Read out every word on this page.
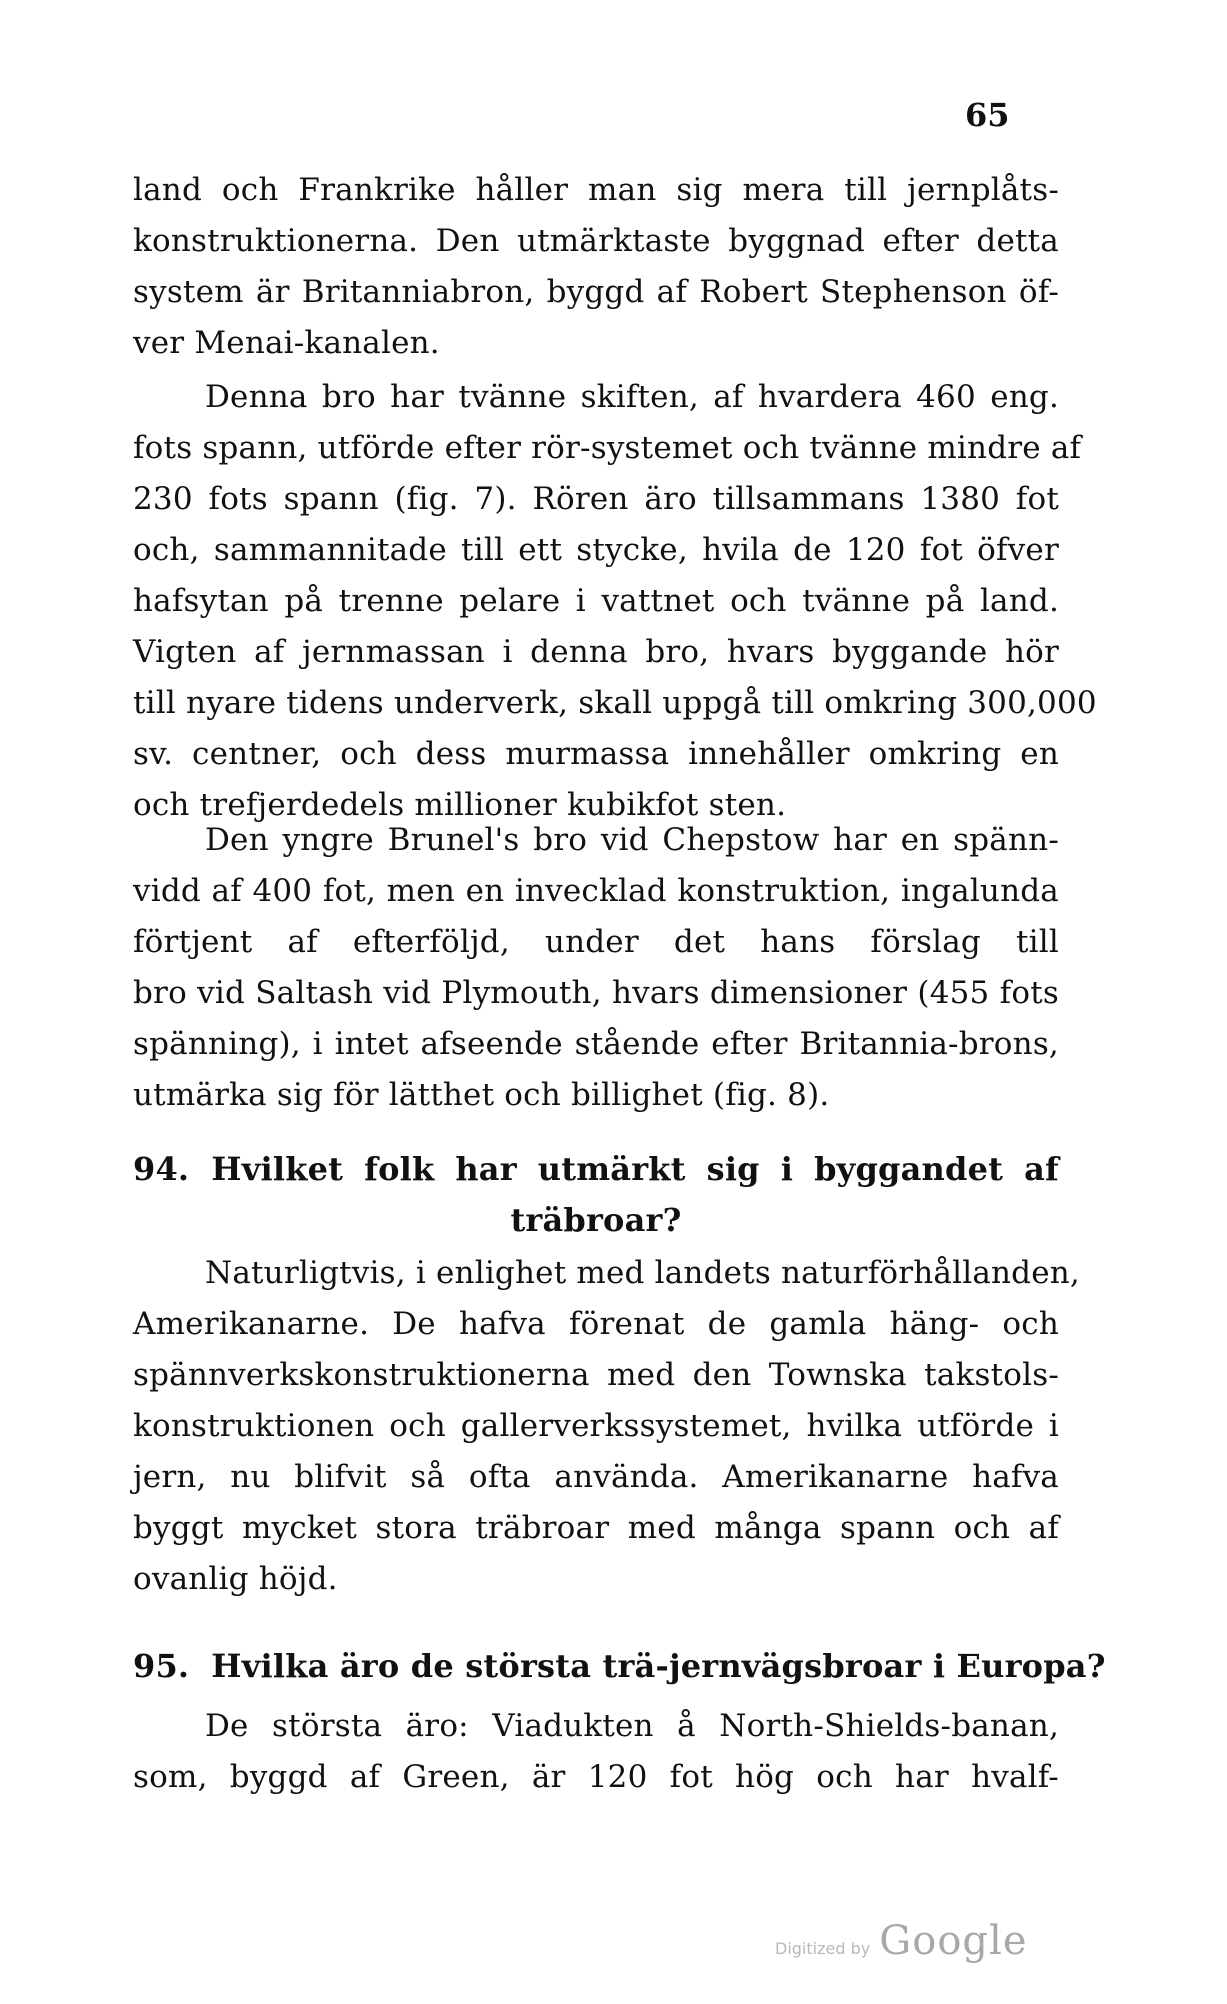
65
land och Frankrike håller man sig mera till jernplåts-
konstruktionerna. Den utmärktaste byggnad efter detta
system är Britanniabron, byggd af Robert Stephenson öf-
ver Menai-kanalen.
Denna bro har tvänne skiften, af hvardera 460 eng.
fots spann, utförde efter rör-systemet och tvänne mindre af
230 fots spann (fig. 7). Rören äro tillsammans 1380 fot
och, sammannitade till ett stycke, hvila de 120 fot öfver
hafsytan på trenne pelare i vattnet och tvänne på land.
Vigten af jernmassan i denna bro, hvars byggande hör
till nyare tidens underverk, skall uppgå till omkring 300,000
sv. centner, och dess murmassa innehåller omkring en
och trefjerdedels millioner kubikfot sten.
Den yngre Brunel's bro vid Chepstow har en spänn-
vidd af 400 fot, men en invecklad konstruktion, ingalunda
förtjent af efterföljd, under det hans förslag till
bro vid Saltash vid Plymouth, hvars dimensioner (455 fots
spänning), i intet afseende stående efter Britannia-brons,
utmärka sig för lätthet och billighet (fig. 8).
94. Hvilket folk har utmärkt sig i byggandet af
träbroar?
Naturligtvis, i enlighet med landets naturförhållanden,
Amerikanarne. De hafva förenat de gamla häng- och
spännverkskonstruktionerna med den Townska takstols-
konstruktionen och gallerverkssystemet, hvilka utförde i
jern, nu blifvit så ofta använda. Amerikanarne hafva
byggt mycket stora träbroar med många spann och af
ovanlig höjd.
95. Hvilka äro de största trä-jernvägsbroar i Europa?
De största äro: Viadukten å North-Shields-banan,
som, byggd af Green, är 120 fot hög och har hvalf-
Digitized by Google
